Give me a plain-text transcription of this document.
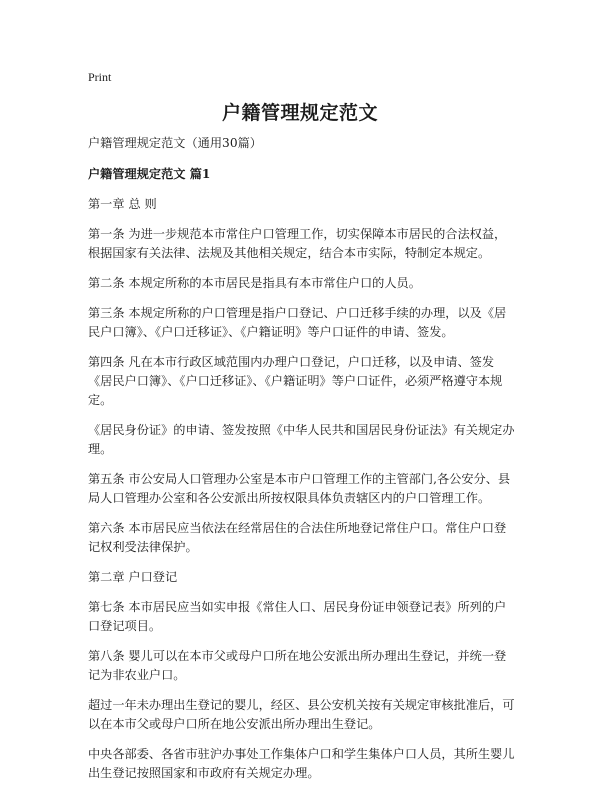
Print
户籍管理规定范文

户籍管理规定范文（通用30篇）

户籍管理规定范文 篇1

第一章 总 则

第一条 为进一步规范本市常住户口管理工作，切实保障本市居民的合法权益，根据国家有关法律、法规及其他相关规定，结合本市实际，特制定本规定。

第二条 本规定所称的本市居民是指具有本市常住户口的人员。

第三条 本规定所称的户口管理是指户口登记、户口迁移手续的办理，以及《居民户口簿》、《户口迁移证》、《户籍证明》等户口证件的申请、签发。

第四条 凡在本市行政区域范围内办理户口登记，户口迁移，以及申请、签发《居民户口簿》、《户口迁移证》、《户籍证明》等户口证件，必须严格遵守本规定。

《居民身份证》的申请、签发按照《中华人民共和国居民身份证法》有关规定办理。

第五条 市公安局人口管理办公室是本市户口管理工作的主管部门,各公安分、县局人口管理办公室和各公安派出所按权限具体负责辖区内的户口管理工作。

第六条 本市居民应当依法在经常居住的合法住所地登记常住户口。常住户口登记权利受法律保护。

第二章 户口登记

第七条 本市居民应当如实申报《常住人口、居民身份证申领登记表》所列的户口登记项目。

第八条 婴儿可以在本市父或母户口所在地公安派出所办理出生登记，并统一登记为非农业户口。

超过一年未办理出生登记的婴儿，经区、县公安机关按有关规定审核批准后，可以在本市父或母户口所在地公安派出所办理出生登记。

中央各部委、各省市驻沪办事处工作集体户口和学生集体户口人员，其所生婴儿出生登记按照国家和市政府有关规定办理。
